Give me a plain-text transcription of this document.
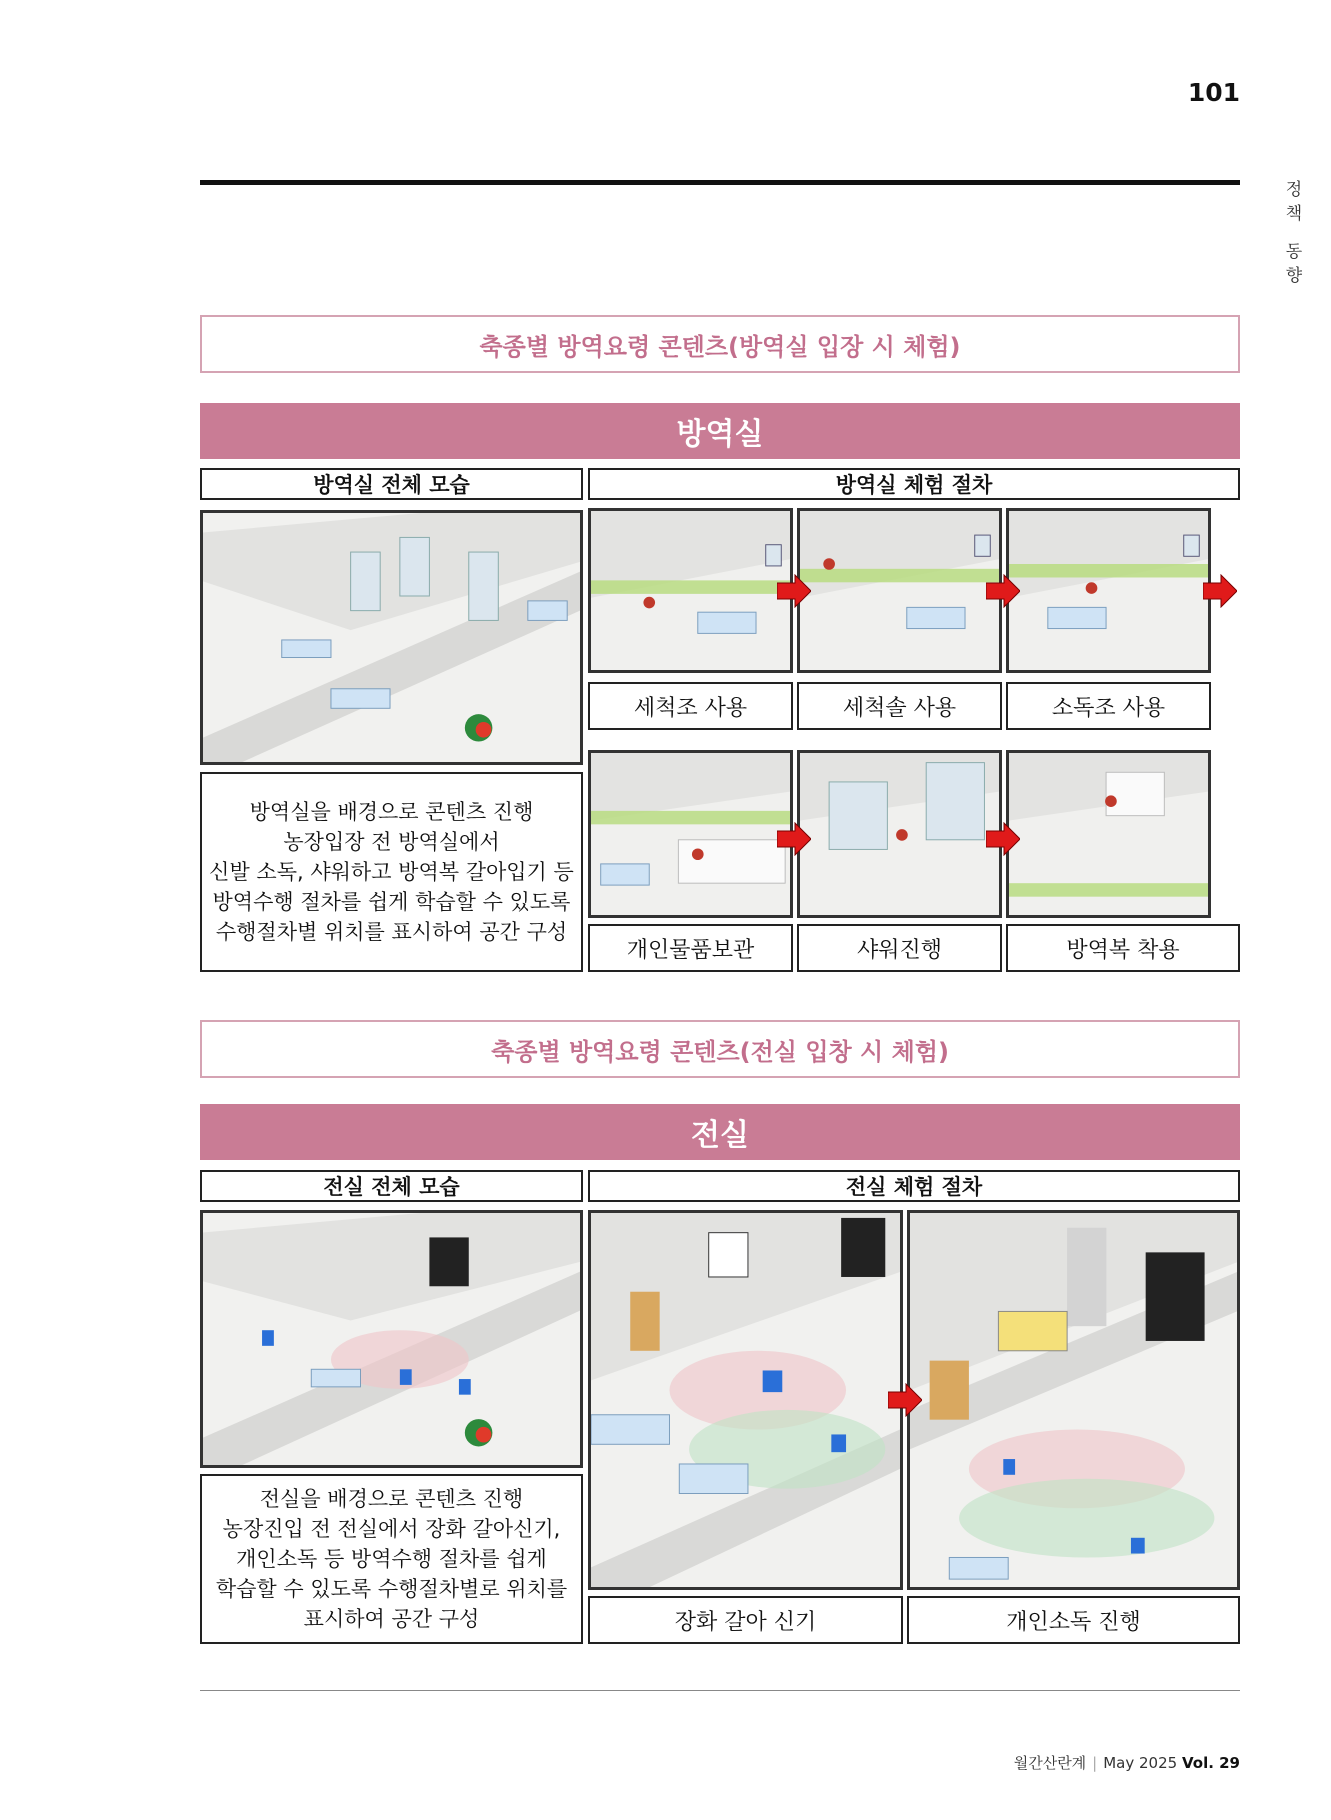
101
정
책
동
향
축종별 방역요령 콘텐츠(방역실 입장 시 체험)
방역실
방역실 전체 모습	방역실 체험 절차
세척조 사용	세척솔 사용	소독조 사용
개인물품보관	샤워진행	방역복 착용
방역실을 배경으로 콘텐츠 진행
농장입장 전 방역실에서
신발 소독, 샤워하고 방역복 갈아입기 등
방역수행 절차를 쉽게 학습할 수 있도록
수행절차별 위치를 표시하여 공간 구성
축종별 방역요령 콘텐츠(전실 입창 시 체험)
전실
전실 전체 모습	전실 체험 절차
장화 갈아 신기	개인소독 진행
전실을 배경으로 콘텐츠 진행
농장진입 전 전실에서 장화 갈아신기,
개인소독 등 방역수행 절차를 쉽게
학습할 수 있도록 수행절차별로 위치를
표시하여 공간 구성
월간산란계 | May 2025 Vol. 29
